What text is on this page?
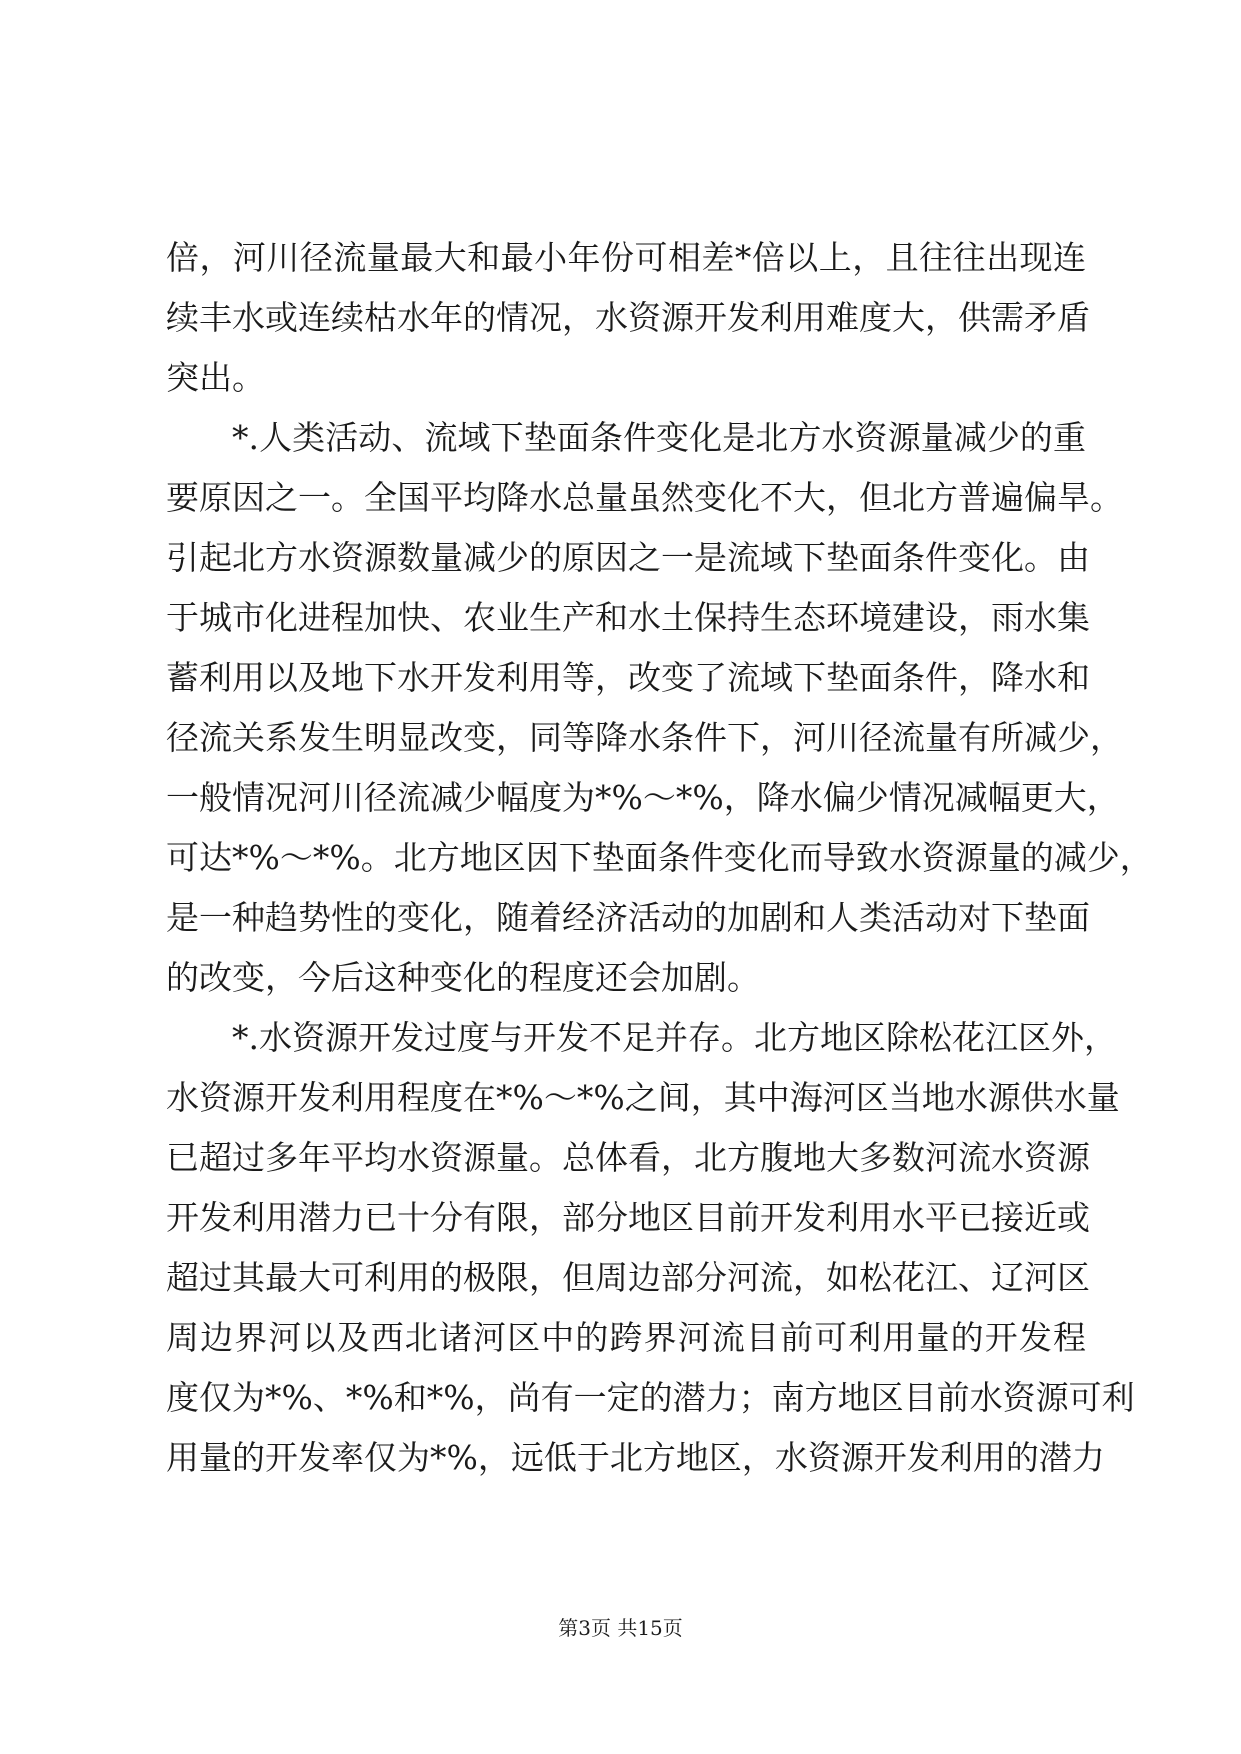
倍，河川径流量最大和最小年份可相差*倍以上，且往往出现连
续丰水或连续枯水年的情况，水资源开发利用难度大，供需矛盾
突出。
*.人类活动、流域下垫面条件变化是北方水资源量减少的重
要原因之一。全国平均降水总量虽然变化不大，但北方普遍偏旱。
引起北方水资源数量减少的原因之一是流域下垫面条件变化。由
于城市化进程加快、农业生产和水土保持生态环境建设，雨水集
蓄利用以及地下水开发利用等，改变了流域下垫面条件，降水和
径流关系发生明显改变，同等降水条件下，河川径流量有所减少，
一般情况河川径流减少幅度为*%～*%，降水偏少情况减幅更大，
可达*%～*%。北方地区因下垫面条件变化而导致水资源量的减少，
是一种趋势性的变化，随着经济活动的加剧和人类活动对下垫面
的改变，今后这种变化的程度还会加剧。
*.水资源开发过度与开发不足并存。北方地区除松花江区外，
水资源开发利用程度在*%～*%之间，其中海河区当地水源供水量
已超过多年平均水资源量。总体看，北方腹地大多数河流水资源
开发利用潜力已十分有限，部分地区目前开发利用水平已接近或
超过其最大可利用的极限，但周边部分河流，如松花江、辽河区
周边界河以及西北诸河区中的跨界河流目前可利用量的开发程
度仅为*%、*%和*%，尚有一定的潜力；南方地区目前水资源可利
用量的开发率仅为*%，远低于北方地区，水资源开发利用的潜力
第3页 共15页
